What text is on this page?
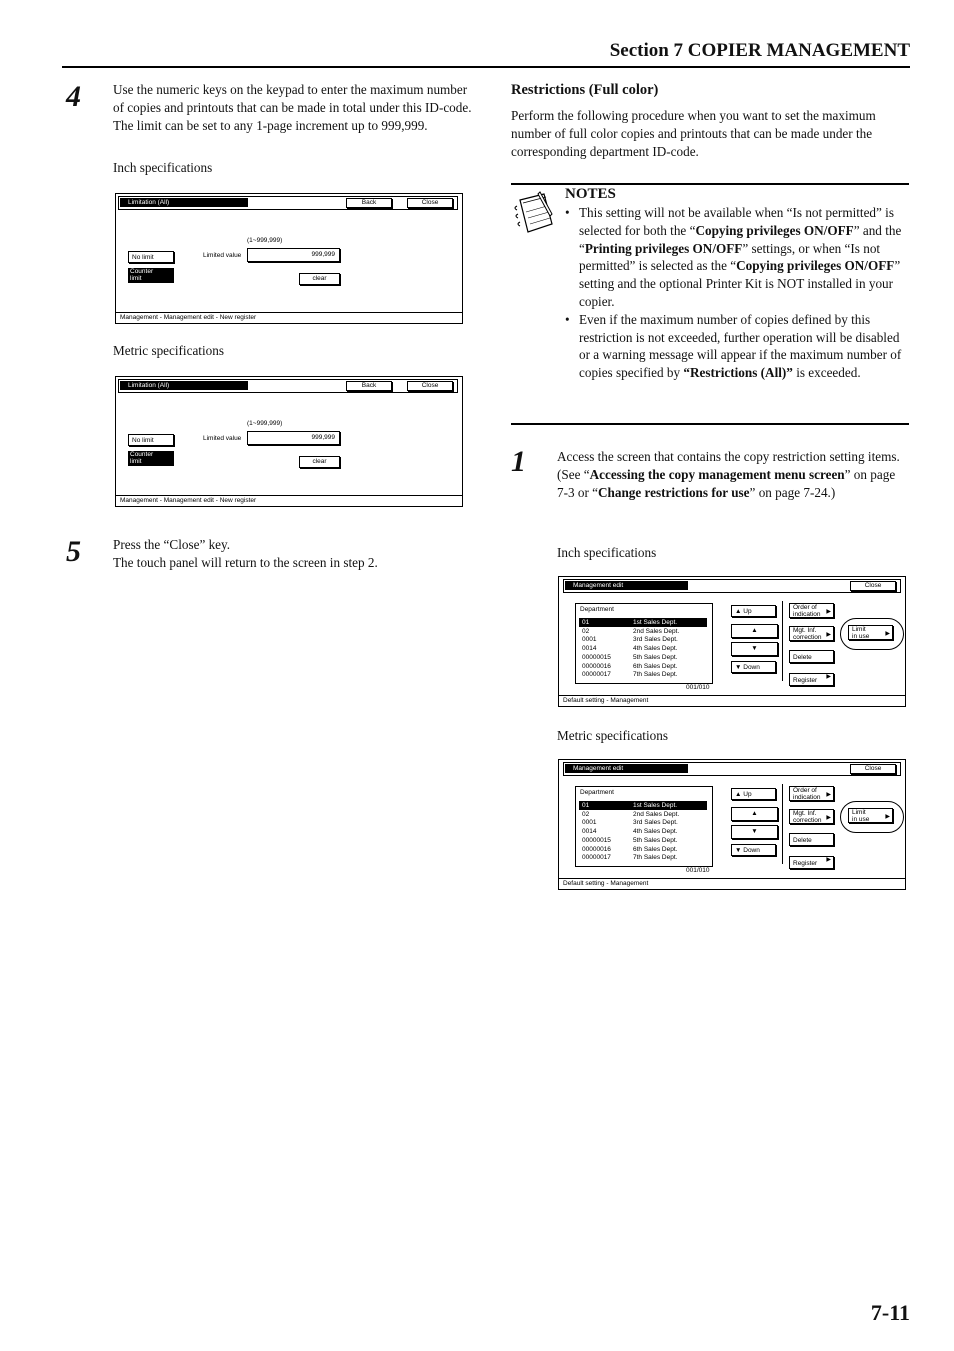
Section 7 COPIER MANAGEMENT
4 Use the numeric keys on the keypad to enter the maximum number of copies and printouts that can be made in total under this ID-code. The limit can be set to any 1-page increment up to 999,999.
Inch specifications
Limitation (All)	Back	Close
(1~999,999)
No limit
Counter
limit
Limited value	999,999
clear
Management - Management edit - New register
Metric specifications
Limitation (All)	Back	Close
(1~999,999)
No limit
Counter
limit
Limited value	999,999
clear
Management - Management edit - New register
5 Press the “Close” key.

The touch panel will return to the screen in step 2.

Restrictions (Full color)
Perform the following procedure when you want to set the maximum number of full color copies and printouts that can be made under the corresponding department ID-code.
NOTES
• This setting will not be available when “Is not permitted” is selected for both the “Copying privileges ON/OFF” and the “Printing privileges ON/OFF” settings, or when “Is not permitted” is selected as the “Copying privileges ON/OFF” setting and the optional Printer Kit is NOT installed in your copier.
• Even if the maximum number of copies defined by this restriction is not exceeded, further operation will be disabled or a warning message will appear if the maximum number of copies specified by “Restrictions (All)” is exceeded.
1 Access the screen that contains the copy restriction setting items.

(See “Accessing the copy management menu screen” on page 7-3 or “Change restrictions for use” on page 7-24.)

Inch specifications
Management edit	Close
Department
01	1st Sales Dept.
02	2nd Sales Dept.
0001	3rd Sales Dept.
0014	4th Sales Dept.
00000015	5th Sales Dept.
00000016	6th Sales Dept.
00000017	7th Sales Dept.
001/010
▲ Up
▲
▼
▼ Down
Order of
indication ▶
Mgt. Inf.
correction ▶
Delete
Register ▶
Limit
in use	▶
Default setting - Management
Metric specifications
Management edit	Close
Department
01	1st Sales Dept.
02	2nd Sales Dept.
0001	3rd Sales Dept.
0014	4th Sales Dept.
00000015	5th Sales Dept.
00000016	6th Sales Dept.
00000017	7th Sales Dept.
001/010
▲ Up
▲
▼
▼ Down
Order of
indication ▶
Mgt. Inf.
correction ▶
Delete
Register ▶
Limit
in use	▶
Default setting - Management
7-11
